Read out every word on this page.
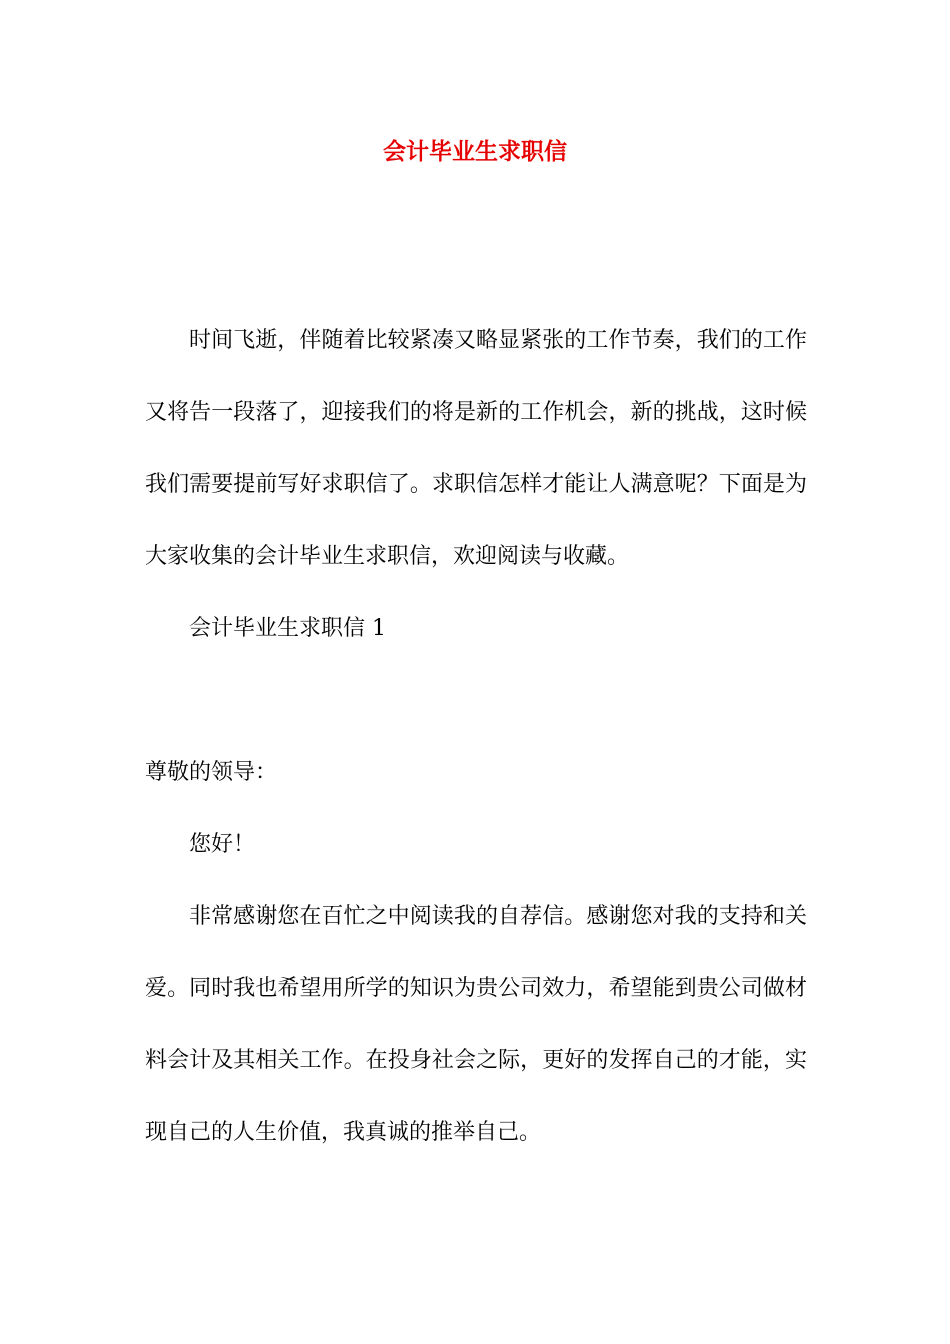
会计毕业生求职信

时间飞逝，伴随着比较紧凑又略显紧张的工作节奏，我们的工作又将告一段落了，迎接我们的将是新的工作机会，新的挑战，这时候我们需要提前写好求职信了。求职信怎样才能让人满意呢？下面是为大家收集的会计毕业生求职信，欢迎阅读与收藏。

会计毕业生求职信 1

尊敬的领导：

您好！

非常感谢您在百忙之中阅读我的自荐信。感谢您对我的支持和关爱。同时我也希望用所学的知识为贵公司效力，希望能到贵公司做材料会计及其相关工作。在投身社会之际，更好的发挥自己的才能，实现自己的人生价值，我真诚的推举自己。
